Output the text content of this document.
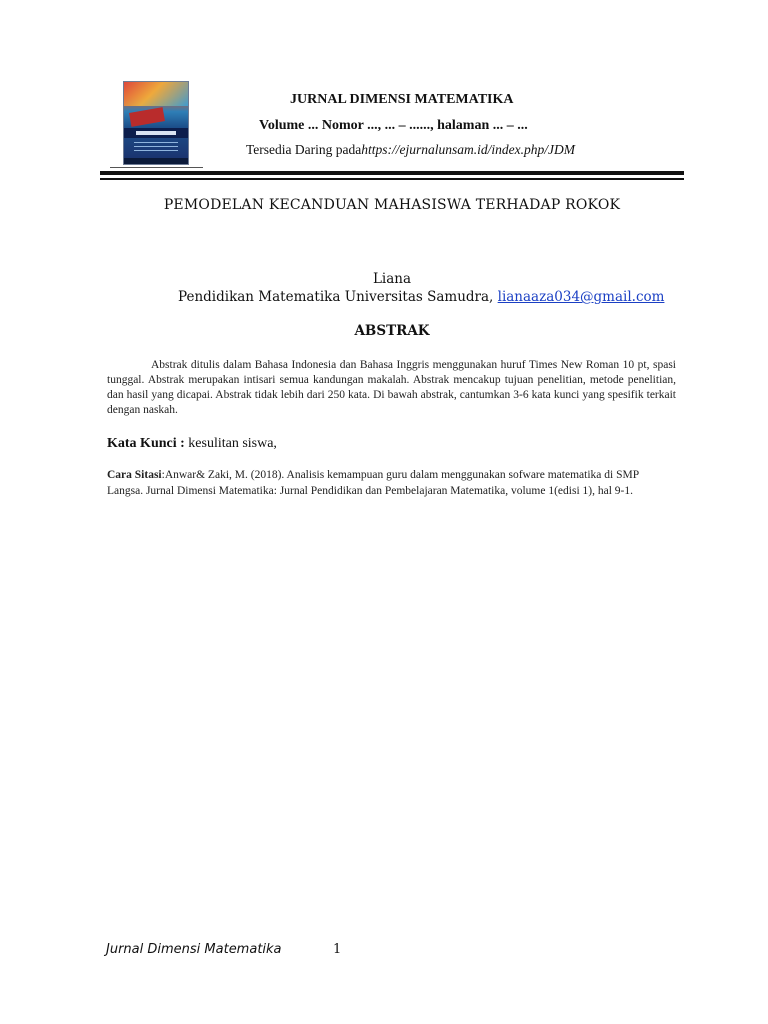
JURNAL DIMENSI MATEMATIKA
Volume ... Nomor ..., ... – ......, halaman ... – ...
Tersedia Daring padahttps://ejurnalunsam.id/index.php/JDM
PEMODELAN KECANDUAN MAHASISWA TERHADAP ROKOK
Liana
Pendidikan Matematika Universitas Samudra, lianaaza034@gmail.com
ABSTRAK
Abstrak ditulis dalam Bahasa Indonesia dan Bahasa Inggris menggunakan huruf Times New Roman 10 pt, spasi tunggal. Abstrak merupakan intisari semua kandungan makalah. Abstrak mencakup tujuan penelitian, metode penelitian, dan hasil yang dicapai. Abstrak tidak lebih dari 250 kata. Di bawah abstrak, cantumkan 3-6 kata kunci yang spesifik terkait dengan naskah.
Kata Kunci : kesulitan siswa,
Cara Sitasi:Anwar& Zaki, M. (2018). Analisis kemampuan guru dalam menggunakan sofware matematika di SMP Langsa. Jurnal Dimensi Matematika: Jurnal Pendidikan dan Pembelajaran Matematika, volume 1(edisi 1), hal 9-1.
Jurnal Dimensi Matematika	1
